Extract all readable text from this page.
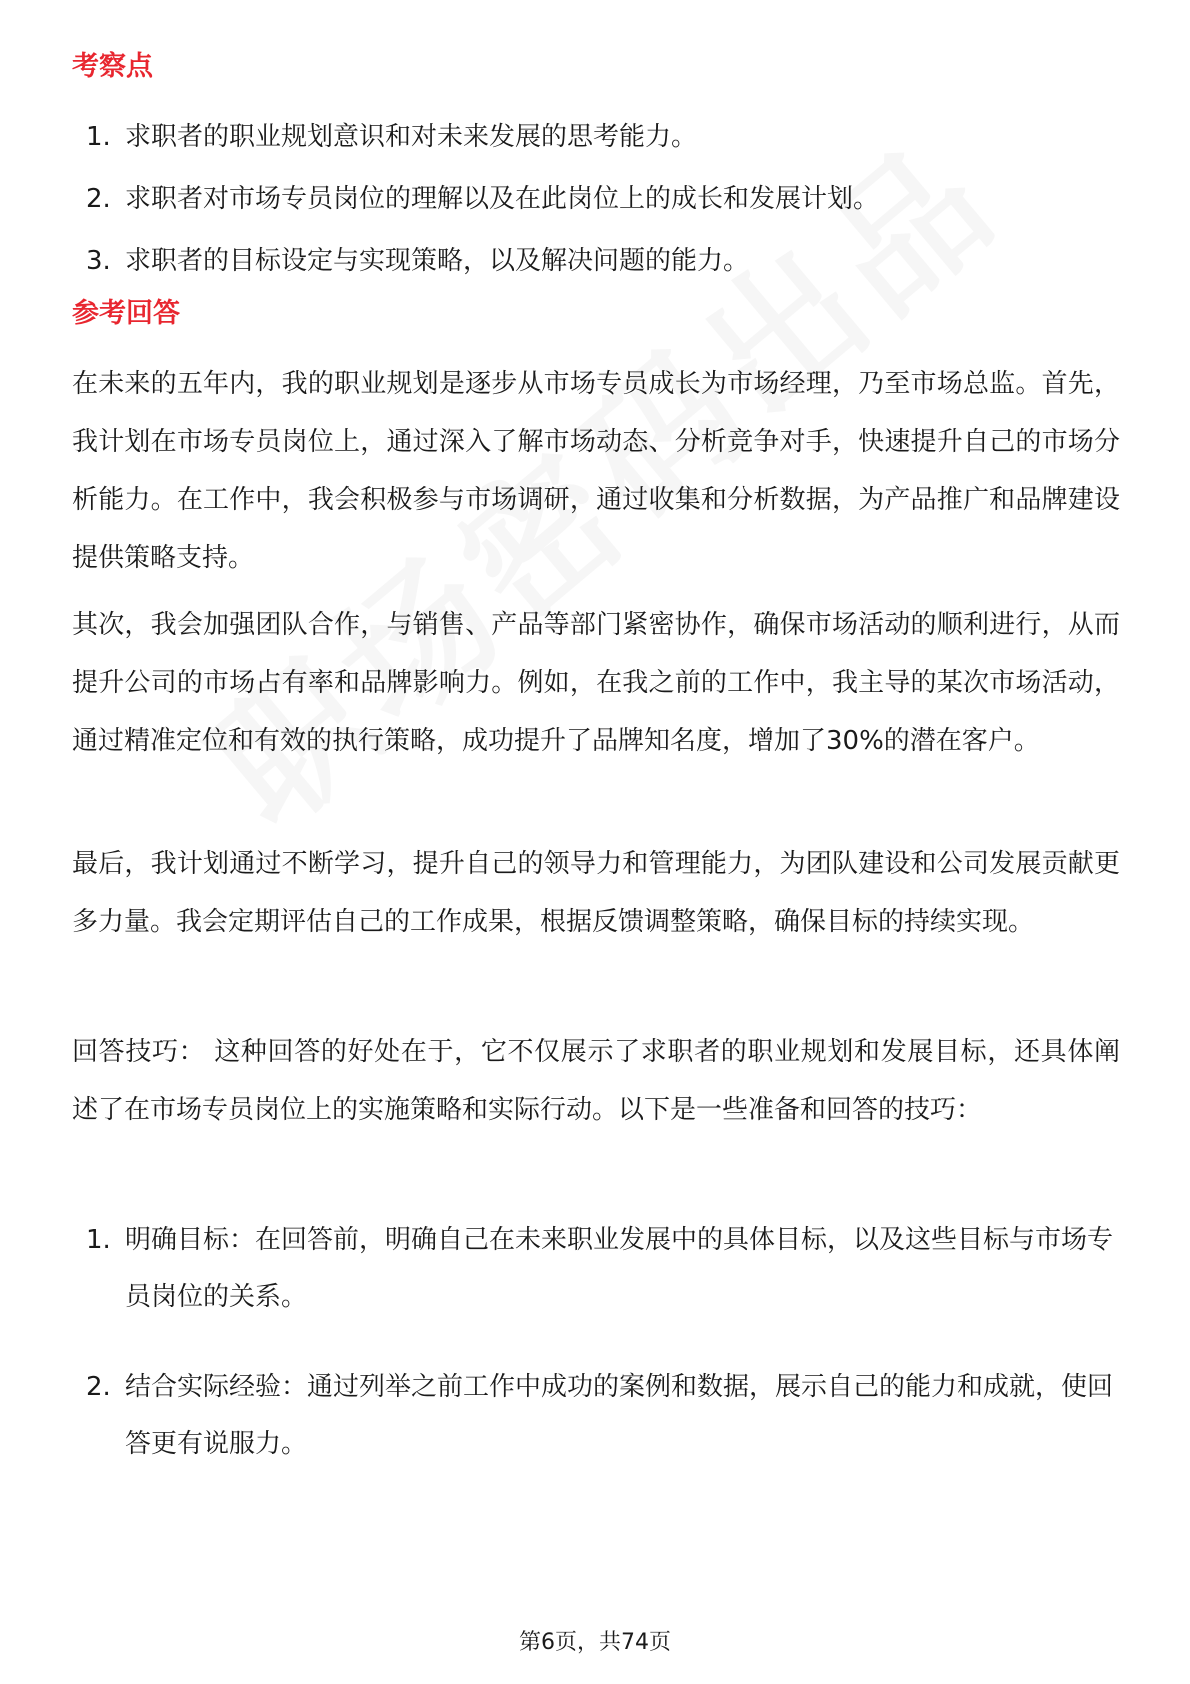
考察点
1. 求职者的职业规划意识和对未来发展的思考能力。
2. 求职者对市场专员岗位的理解以及在此岗位上的成长和发展计划。
3. 求职者的目标设定与实现策略，以及解决问题的能力。
参考回答

在未来的五年内，我的职业规划是逐步从市场专员成长为市场经理，乃至市场总监。首先，我计划在市场专员岗位上，通过深入了解市场动态、分析竞争对手，快速提升自己的市场分析能力。在工作中，我会积极参与市场调研，通过收集和分析数据，为产品推广和品牌建设提供策略支持。

其次，我会加强团队合作，与销售、产品等部门紧密协作，确保市场活动的顺利进行，从而提升公司的市场占有率和品牌影响力。例如，在我之前的工作中，我主导的某次市场活动，通过精准定位和有效的执行策略，成功提升了品牌知名度，增加了30%的潜在客户。

最后，我计划通过不断学习，提升自己的领导力和管理能力，为团队建设和公司发展贡献更多力量。我会定期评估自己的工作成果，根据反馈调整策略，确保目标的持续实现。

回答技巧： 这种回答的好处在于，它不仅展示了求职者的职业规划和发展目标，还具体阐述了在市场专员岗位上的实施策略和实际行动。以下是一些准备和回答的技巧：

1. 明确目标：在回答前，明确自己在未来职业发展中的具体目标，以及这些目标与市场专员岗位的关系。
2. 结合实际经验：通过列举之前工作中成功的案例和数据，展示自己的能力和成就，使回答更有说服力。
第6页，共74页
